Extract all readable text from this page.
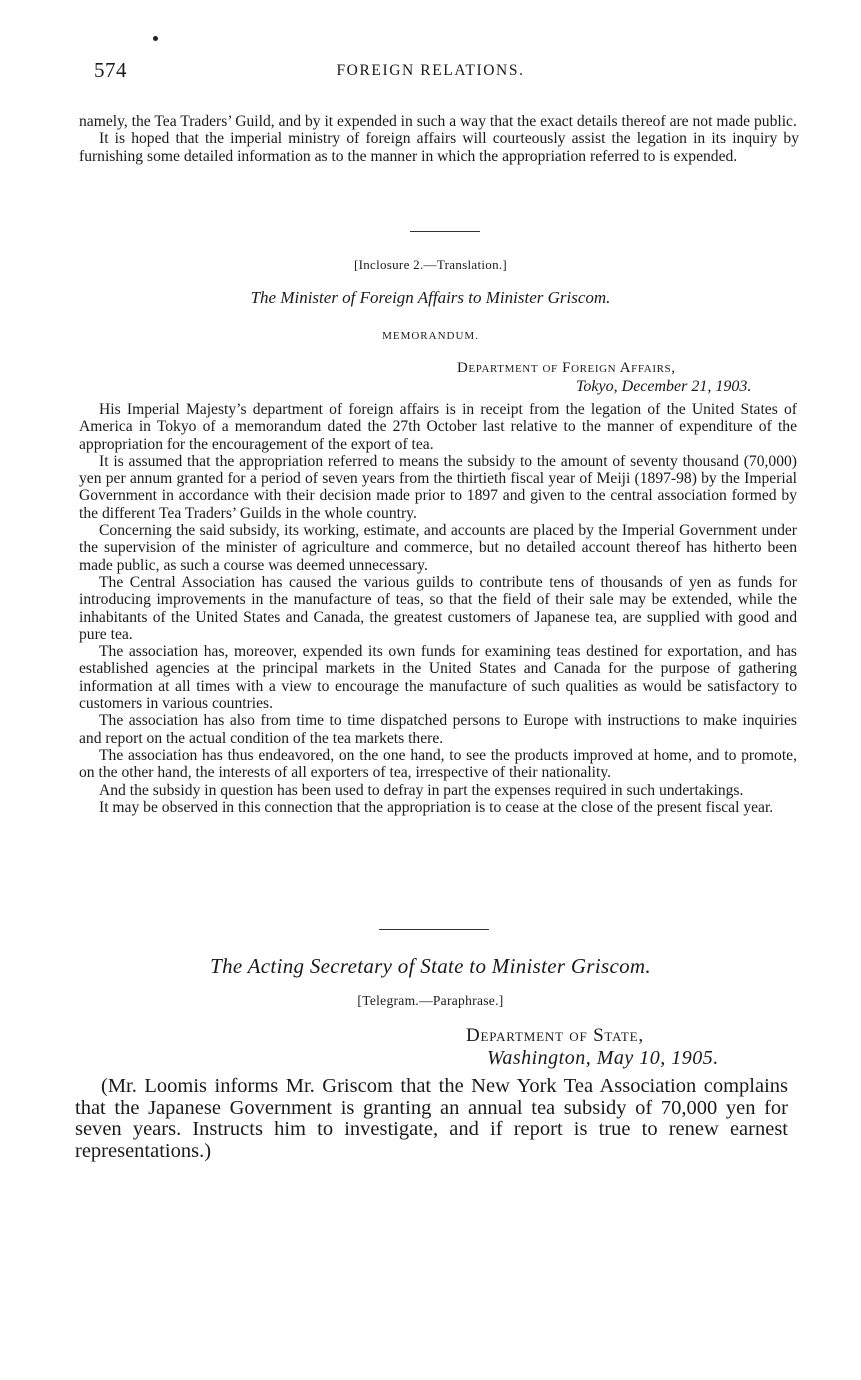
574	FOREIGN RELATIONS.

namely, the Tea Traders’ Guild, and by it expended in such a way that the exact details thereof are not made public.

It is hoped that the imperial ministry of foreign affairs will courteously assist the legation in its inquiry by furnishing some detailed information as to the manner in which the appropriation referred to is expended.

[Inclosure 2.—Translation.]
The Minister of Foreign Affairs to Minister Griscom.
MEMORANDUM.
Department of Foreign Affairs,
Tokyo, December 21, 1903.

His Imperial Majesty’s department of foreign affairs is in receipt from the legation of the United States of America in Tokyo of a memorandum dated the 27th October last relative to the manner of expenditure of the appropriation for the encouragement of the export of tea.

It is assumed that the appropriation referred to means the subsidy to the amount of seventy thousand (70,000) yen per annum granted for a period of seven years from the thirtieth fiscal year of Meiji (1897-98) by the Imperial Government in accordance with their decision made prior to 1897 and given to the central association formed by the different Tea Traders’ Guilds in the whole country.

Concerning the said subsidy, its working, estimate, and accounts are placed by the Imperial Government under the supervision of the minister of agriculture and commerce, but no detailed account thereof has hitherto been made public, as such a course was deemed unnecessary.

The Central Association has caused the various guilds to contribute tens of thousands of yen as funds for introducing improvements in the manufacture of teas, so that the field of their sale may be extended, while the inhabitants of the United States and Canada, the greatest customers of Japanese tea, are supplied with good and pure tea.

The association has, moreover, expended its own funds for examining teas destined for exportation, and has established agencies at the principal markets in the United States and Canada for the purpose of gathering information at all times with a view to encourage the manufacture of such qualities as would be satisfactory to customers in various countries.

The association has also from time to time dispatched persons to Europe with instructions to make inquiries and report on the actual condition of the tea markets there.

The association has thus endeavored, on the one hand, to see the products improved at home, and to promote, on the other hand, the interests of all exporters of tea, irrespective of their nationality.

And the subsidy in question has been used to defray in part the expenses required in such undertakings.

It may be observed in this connection that the appropriation is to cease at the close of the present fiscal year.

The Acting Secretary of State to Minister Griscom.
[Telegram.—Paraphrase.]
Department of State,
Washington, May 10, 1905.

(Mr. Loomis informs Mr. Griscom that the New York Tea Association complains that the Japanese Government is granting an annual tea subsidy of 70,000 yen for seven years. Instructs him to investigate, and if report is true to renew earnest representations.)
